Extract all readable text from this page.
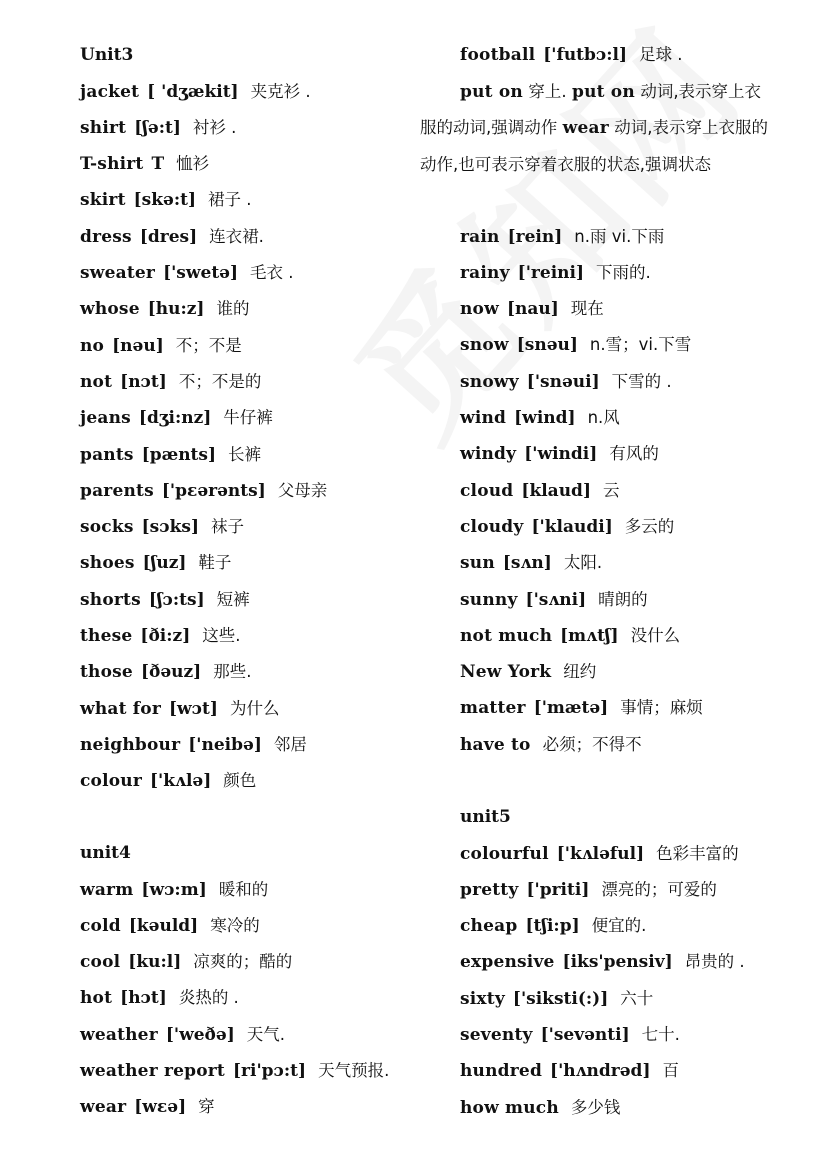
Unit3
jacket [ 'dʒækit] 夹克衫 .
shirt [ʃə:t] 衬衫 .
T-shirt T 恤衫
skirt [skə:t] 裙子 .
dress [dres] 连衣裙.
sweater ['swetə] 毛衣 .
whose [hu:z] 谁的
no [nəu] 不；不是
not [nɔt] 不；不是的
jeans [dʒi:nz] 牛仔裤
pants [pænts] 长裤
parents ['pɛərənts] 父母亲
socks [sɔks] 袜子
shoes [ʃuz] 鞋子
shorts [ʃɔ:ts] 短裤
these [ði:z] 这些.
those [ðəuz] 那些.
what for [wɔt] 为什么
neighbour ['neibə] 邻居
colour ['kʌlə] 颜色
unit4
warm [wɔ:m] 暖和的
cold [kəuld] 寒冷的
cool [ku:l] 凉爽的；酷的
hot [hɔt] 炎热的 .
weather ['weðə] 天气.
weather report [ri'pɔ:t] 天气预报.
wear [wɛə] 穿
football ['futbɔ:l] 足球 .
put on 穿上. put on 动词,表示穿上衣服的动词,强调动作 wear 动词,表示穿上衣服的动作,也可表示穿着衣服的状态,强调状态
rain [rein] n.雨 vi.下雨
rainy ['reini] 下雨的.
now [nau] 现在
snow [snəu] n.雪；vi.下雪
snowy ['snəui] 下雪的 .
wind [wind] n.风
windy ['windi] 有风的
cloud [klaud] 云
cloudy ['klaudi] 多云的
sun [sʌn] 太阳.
sunny ['sʌni] 晴朗的
not much [mʌtʃ] 没什么
New York 纽约
matter ['mætə] 事情；麻烦
have to 必须；不得不
unit5
colourful ['kʌləful] 色彩丰富的
pretty ['priti] 漂亮的；可爱的
cheap [tʃi:p] 便宜的.
expensive [iks'pensiv] 昂贵的 .
sixty ['siksti(:)] 六十
seventy ['sevənti] 七十.
hundred ['hʌndrəd] 百
how much 多少钱
